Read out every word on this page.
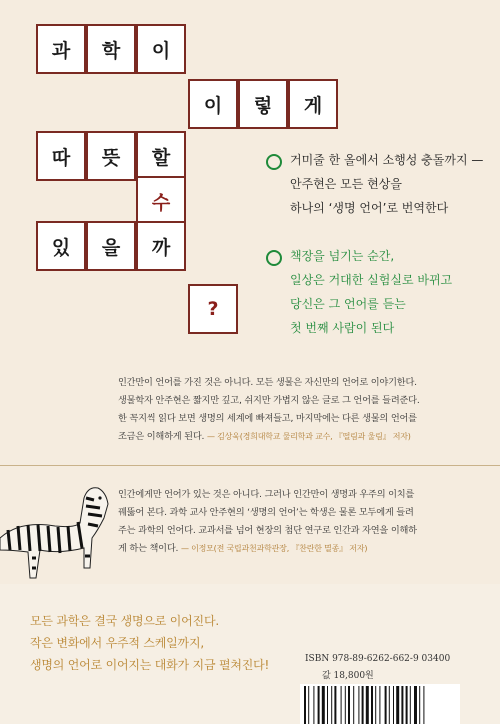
과	학	이
이	렇	게
따	뜻	할
수
있	을	까
?
거미줄 한 올에서 소행성 충돌까지 —
안주현은 모든 현상을
하나의 ‘생명 언어’로 번역한다
책장을 넘기는 순간,
일상은 거대한 실험실로 바뀌고
당신은 그 언어를 듣는
첫 번째 사람이 된다
인간만이 언어를 가진 것은 아니다. 모든 생물은 자신만의 언어로 이야기한다.
생물학자 안주현은 짧지만 깊고, 쉬지만 가볍지 않은 글로 그 언어를 들려준다.
한 꼭지씩 읽다 보면 생명의 세계에 빠져들고, 마지막에는 다른 생물의 언어를
조금은 이해하게 된다. — 김상욱(경희대학교 물리학과 교수, 『떨림과 울림』 저자)
인간에게만 언어가 있는 것은 아니다. 그러나 인간만이 생명과 우주의 이치를
꿰뚫어 본다. 과학 교사 안주현의 ‘생명의 언어’는 학생은 물론 모두에게 들려
주는 과학의 언어다. 교과서를 넘어 현장의 첨단 연구로 인간과 자연을 이해하
게 하는 책이다. — 이정모(전 국립과천과학관장, 『찬란한 멸종』 저자)
모든 과학은 결국 생명으로 이어진다.
작은 변화에서 우주적 스케일까지,
생명의 언어로 이어지는 대화가 지금 펼쳐진다!	ISBN 978-89-6262-662-9 03400
값 18,800원
